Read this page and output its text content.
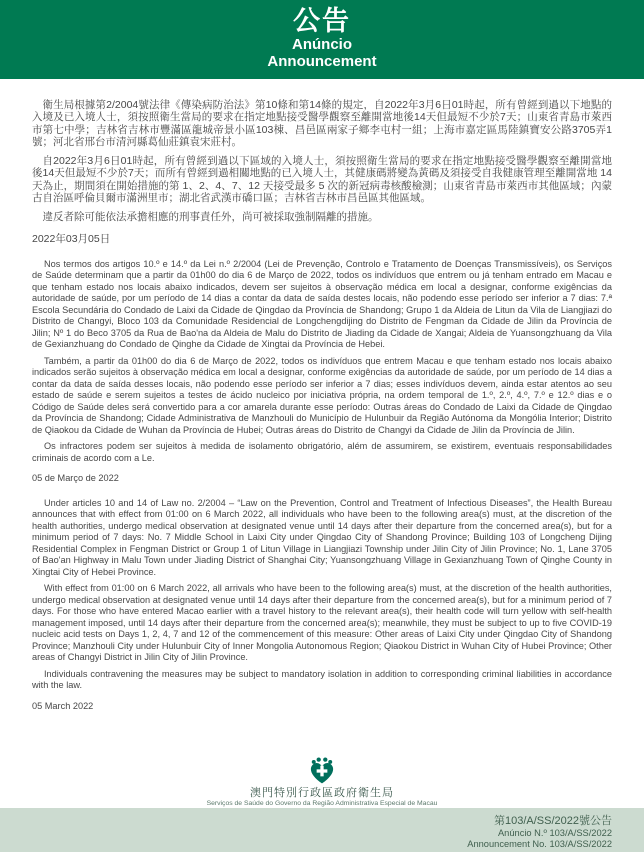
公告
Anúncio
Announcement

衛生局根據第2/2004號法律《傳染病防治法》第10條和第14條的規定，自2022年3月6日01時起，所有曾經到過以下地點的入境及已入境人士，須按照衛生當局的要求在指定地點接受醫學觀察至離開當地後14天但最短不少於7天；山東省青島市萊西市第七中學；吉林省吉林市豐滿區龍城帝景小區103棟、昌邑區兩家子鄉李屯村一組；上海市嘉定區馬陸鎮寶安公路3705弄1號；河北省邢台市清河縣葛仙莊鎮袁宋莊村。

自2022年3月6日01時起，所有曾經到過以下區域的入境人士，須按照衛生當局的要求在指定地點接受醫學觀察至離開當地後14天但最短不少於7天；而所有曾經到過相關地點的已入境人士，其健康碼將變為黃碼及須接受自我健康管理至離開當地 14 天為止，期間須在開始措施的第 1、2、4、7、12 天接受最多 5 次的新冠病毒核酸檢測；山東省青島市萊西市其他區域；內蒙古自治區呼倫貝爾市滿洲里市；湖北省武漢市礄口區；吉林省吉林市昌邑區其他區域。

違反者除可能依法承擔相應的刑事責任外，尚可被採取強制隔離的措施。

2022年03月05日

Nos termos dos artigos 10.º e 14.º da Lei n.º 2/2004 (Lei de Prevenção, Controlo e Tratamento de Doenças Transmissíveis), os Serviços de Saúde determinam que a partir da 01h00 do dia 6 de Março de 2022, todos os indivíduos que entrem ou já tenham entrado em Macau e que tenham estado nos locais abaixo indicados, devem ser sujeitos à observação médica em local a designar, conforme exigências da autoridade de saúde, por um período de 14 dias a contar da data de saída destes locais, não podendo esse período ser inferior a 7 dias: 7.ª Escola Secundária do Condado de Laixi da Cidade de Qingdao da Província de Shandong; Grupo 1 da Aldeia de Litun da Vila de Liangjiazi do Distrito de Changyi, Bloco 103 da Comunidade Residencial de Longchengdijing do Distrito de Fengman da Cidade de Jilin da Província de Jilin; Nº 1 do Beco 3705 da Rua de Bao'na da Aldeia de Malu do Distrito de Jiading da Cidade de Xangai; Aldeia de Yuansongzhuang da Vila de Gexianzhuang do Condado de Qinghe da Cidade de Xingtai da Província de Hebei.

Também, a partir da 01h00 do dia 6 de Março de 2022, todos os indivíduos que entrem Macau e que tenham estado nos locais abaixo indicados serão sujeitos à observação médica em local a designar, conforme exigências da autoridade de saúde, por um período de 14 dias a contar da data de saída desses locais, não podendo esse período ser inferior a 7 dias; esses indivíduos devem, ainda estar atentos ao seu estado de saúde e serem sujeitos a testes de ácido nucleico por iniciativa própria, na ordem temporal de 1.º, 2.º, 4.º, 7.º e 12.º dias e o Código de Saúde deles será convertido para a cor amarela durante esse período: Outras áreas do Condado de Laixi da Cidade de Qingdao da Província de Shandong; Cidade Administrativa de Manzhouli do Município de Hulunbuir da Região Autónoma da Mongólia Interior; Distrito de Qiaokou da Cidade de Wuhan da Província de Hubei; Outras áreas do Distrito de Changyi da Cidade de Jilin da Província de Jilin.

Os infractores podem ser sujeitos à medida de isolamento obrigatório, além de assumirem, se existirem, eventuais responsabilidades criminais de acordo com a Le.

05 de Março de 2022

Under articles 10 and 14 of Law no. 2/2004 – “Law on the Prevention, Control and Treatment of Infectious Diseases”, the Health Bureau announces that with effect from 01:00 on 6 March 2022, all individuals who have been to the following area(s) must, at the discretion of the health authorities, undergo medical observation at designated venue until 14 days after their departure from the concerned area(s), but for a minimum period of 7 days: No. 7 Middle School in Laixi City under Qingdao City of Shandong Province; Building 103 of Longcheng Dijing Residential Complex in Fengman District or Group 1 of Litun Village in Liangjiazi Township under Jilin City of Jilin Province; No. 1, Lane 3705 of Bao'an Highway in Malu Town under Jiading District of Shanghai City; Yuansongzhuang Village in Gexianzhuang Town of Qinghe County in Xingtai City of Hebei Province.

With effect from 01:00 on 6 March 2022, all arrivals who have been to the following area(s) must, at the discretion of the health authorities, undergo medical observation at designated venue until 14 days after their departure from the concerned area(s), but for a minimum period of 7 days. For those who have entered Macao earlier with a travel history to the relevant area(s), their health code will turn yellow with self-health management imposed, until 14 days after their departure from the concerned area(s); meanwhile, they must be subject to up to five COVID-19 nucleic acid tests on Days 1, 2, 4, 7 and 12 of the commencement of this measure: Other areas of Laixi City under Qingdao City of Shandong Province; Manzhouli City under Hulunbuir City of Inner Mongolia Autonomous Region; Qiaokou District in Wuhan City of Hubei Province; Other areas of Changyi District in Jilin City of Jilin Province.

Individuals contravening the measures may be subject to mandatory isolation in addition to corresponding criminal liabilities in accordance with the law.

05 March 2022

澳門特別行政區政府衛生局
Serviços de Saúde do Governo da Região Administrativa Especial de Macau
第103/A/SS/2022號公告
Anúncio N.º 103/A/SS/2022
Announcement No. 103/A/SS/2022
